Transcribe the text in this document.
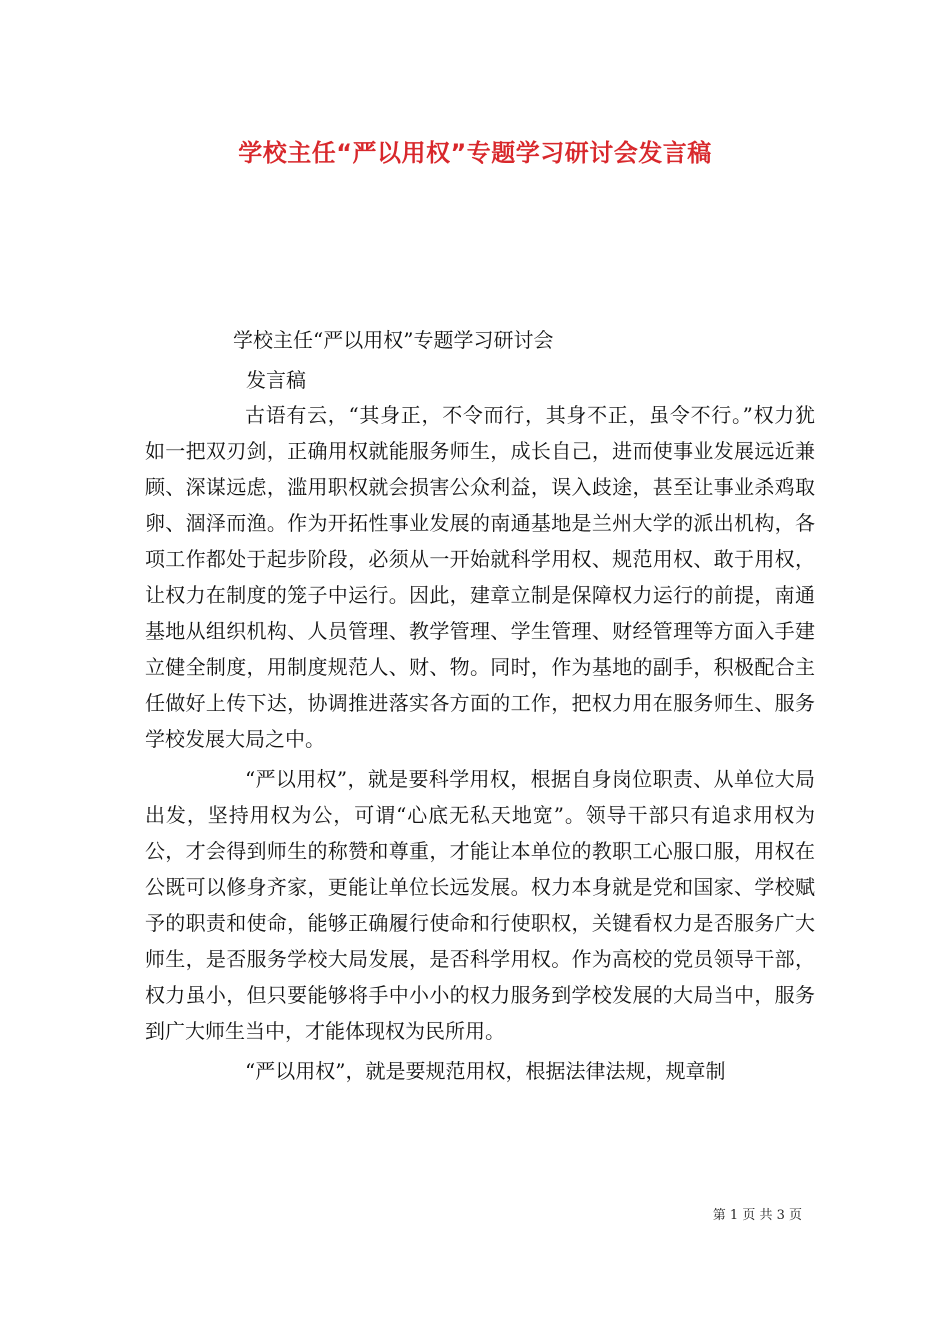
学校主任“严以用权”专题学习研讨会发言稿

学校主任“严以用权”专题学习研讨会

发言稿

古语有云，“其身正，不令而行，其身不正，虽令不行。”权力犹如一把双刃剑，正确用权就能服务师生，成长自己，进而使事业发展远近兼顾、深谋远虑，滥用职权就会损害公众利益，误入歧途，甚至让事业杀鸡取卵、涸泽而渔。作为开拓性事业发展的南通基地是兰州大学的派出机构，各项工作都处于起步阶段，必须从一开始就科学用权、规范用权、敢于用权，让权力在制度的笼子中运行。因此，建章立制是保障权力运行的前提，南通基地从组织机构、人员管理、教学管理、学生管理、财经管理等方面入手建立健全制度，用制度规范人、财、物。同时，作为基地的副手，积极配合主任做好上传下达，协调推进落实各方面的工作，把权力用在服务师生、服务学校发展大局之中。

“严以用权”，就是要科学用权，根据自身岗位职责、从单位大局出发，坚持用权为公，可谓“心底无私天地宽”。领导干部只有追求用权为公，才会得到师生的称赞和尊重，才能让本单位的教职工心服口服，用权在公既可以修身齐家，更能让单位长远发展。权力本身就是党和国家、学校赋予的职责和使命，能够正确履行使命和行使职权，关键看权力是否服务广大师生，是否服务学校大局发展，是否科学用权。作为高校的党员领导干部，权力虽小，但只要能够将手中小小的权力服务到学校发展的大局当中，服务到广大师生当中，才能体现权为民所用。

“严以用权”，就是要规范用权，根据法律法规，规章制

第 1 页 共 3 页
